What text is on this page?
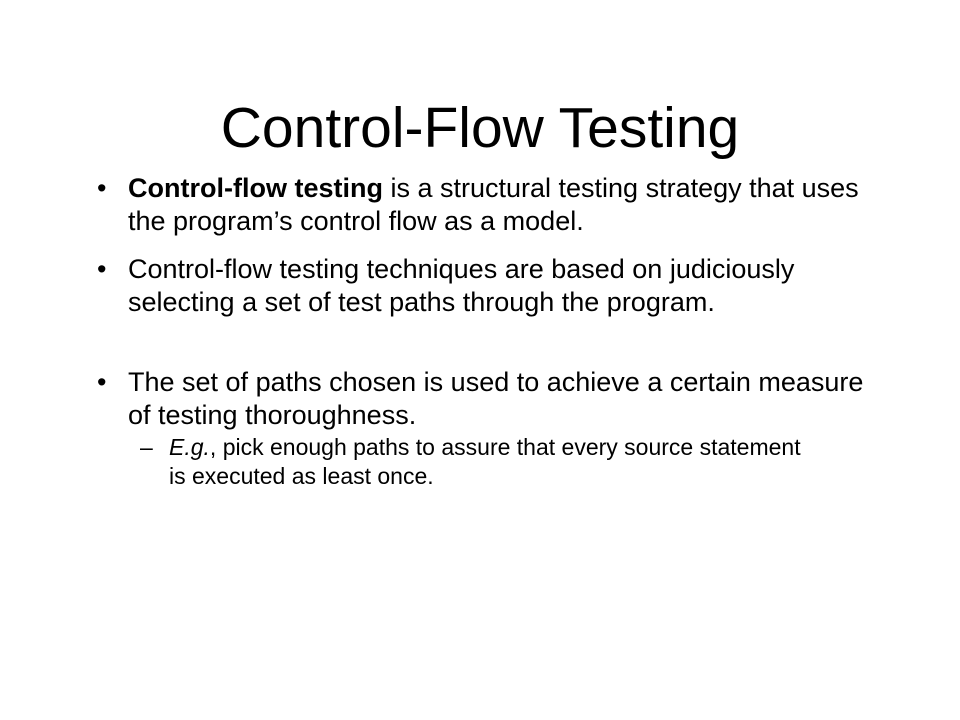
Control-Flow Testing
• Control-flow testing is a structural testing strategy that uses the program’s control flow as a model.
• Control-flow testing techniques are based on judiciously selecting a set of test paths through the program.
• The set of paths chosen is used to achieve a certain measure of testing thoroughness.
– E.g., pick enough paths to assure that every source statement is executed as least once.
